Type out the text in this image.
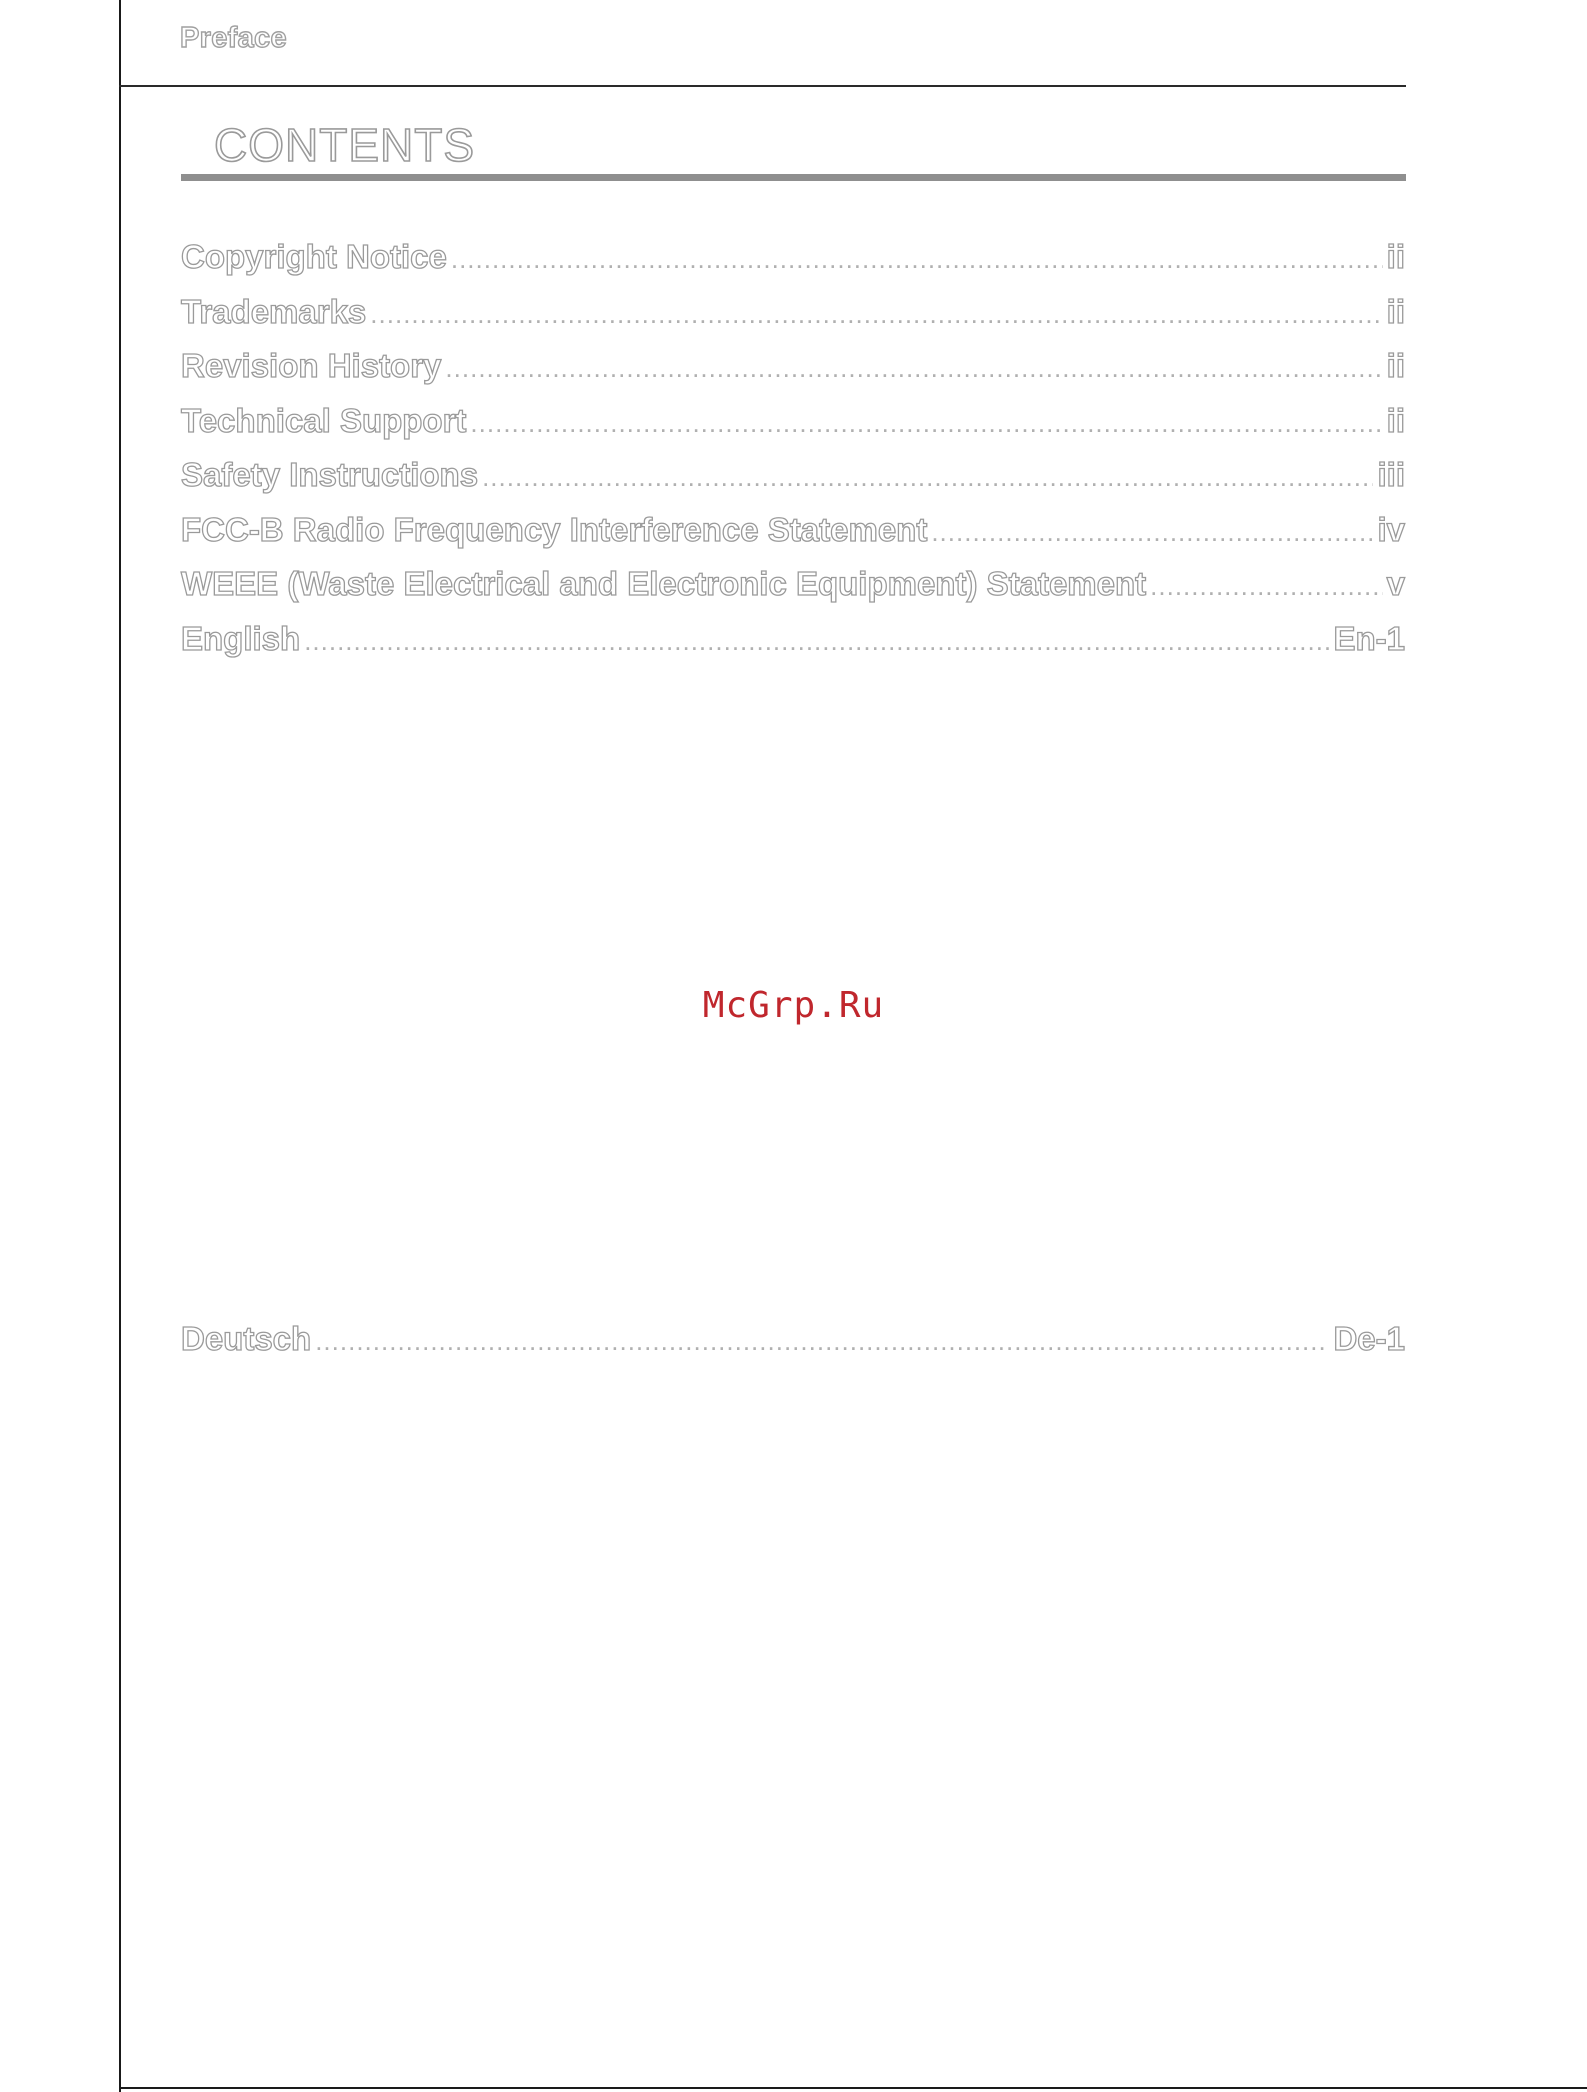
Preface
CONTENTS
Copyright Notice .....	ii
Trademarks .....	ii
Revision History .....	ii
Technical Support .....	ii
Safety Instructions .....	iii
FCC-B Radio Frequency Interference Statement .....	iv
WEEE (Waste Electrical and Electronic Equipment) Statement .....	v
English .....	En-1
McGrp.Ru
Deutsch .....	De-1
